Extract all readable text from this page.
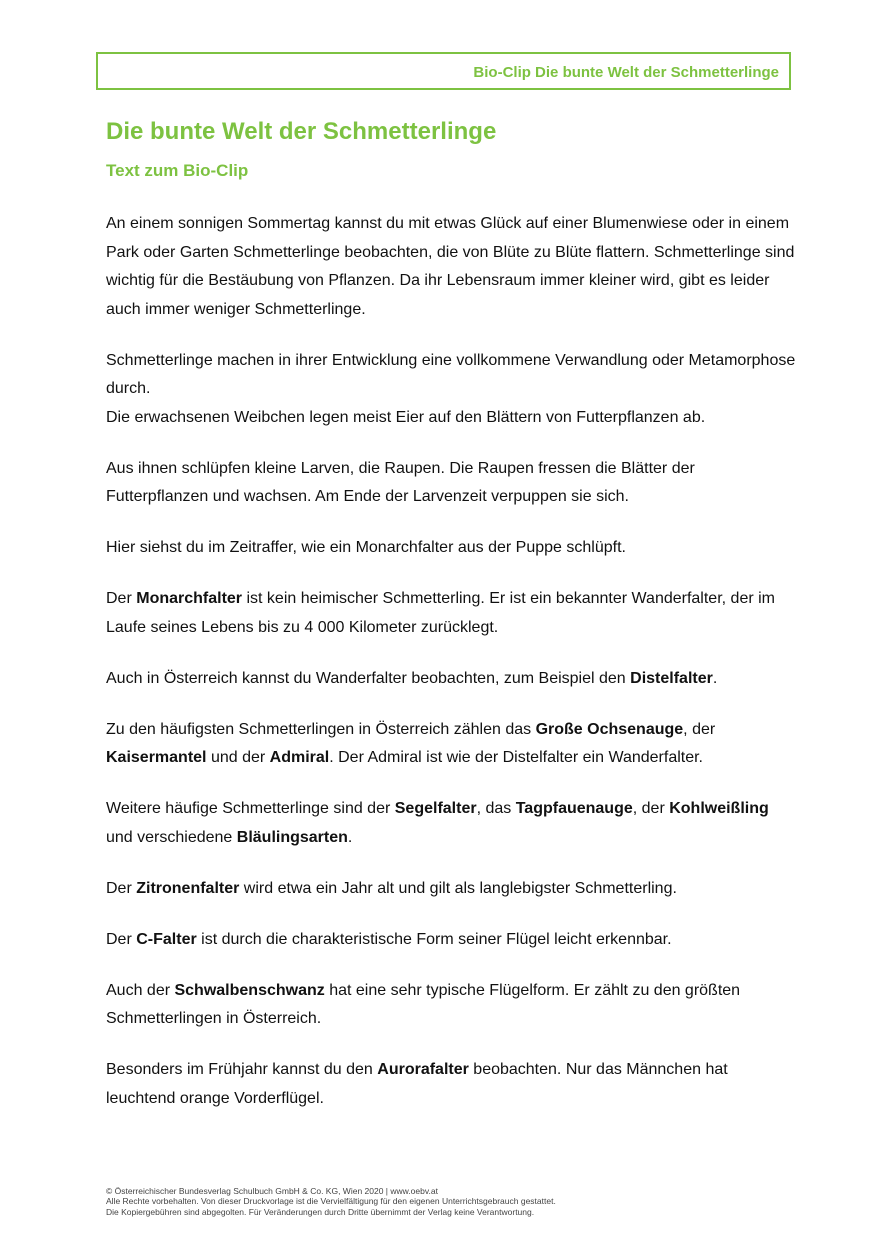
Bio-Clip Die bunte Welt der Schmetterlinge
Die bunte Welt der Schmetterlinge
Text zum Bio-Clip

An einem sonnigen Sommertag kannst du mit etwas Glück auf einer Blumenwiese oder in einem Park oder Garten Schmetterlinge beobachten, die von Blüte zu Blüte flattern. Schmetterlinge sind wichtig für die Bestäubung von Pflanzen. Da ihr Lebensraum immer kleiner wird, gibt es leider auch immer weniger Schmetterlinge.

Schmetterlinge machen in ihrer Entwicklung eine vollkommene Verwandlung oder Metamorphose durch.
Die erwachsenen Weibchen legen meist Eier auf den Blättern von Futterpflanzen ab.

Aus ihnen schlüpfen kleine Larven, die Raupen. Die Raupen fressen die Blätter der Futterpflanzen und wachsen. Am Ende der Larvenzeit verpuppen sie sich.

Hier siehst du im Zeitraffer, wie ein Monarchfalter aus der Puppe schlüpft.

Der Monarchfalter ist kein heimischer Schmetterling. Er ist ein bekannter Wanderfalter, der im Laufe seines Lebens bis zu 4 000 Kilometer zurücklegt.

Auch in Österreich kannst du Wanderfalter beobachten, zum Beispiel den Distelfalter.

Zu den häufigsten Schmetterlingen in Österreich zählen das Große Ochsenauge, der Kaisermantel und der Admiral. Der Admiral ist wie der Distelfalter ein Wanderfalter.

Weitere häufige Schmetterlinge sind der Segelfalter, das Tagpfauenauge, der Kohlweißling und verschiedene Bläulingsarten.

Der Zitronenfalter wird etwa ein Jahr alt und gilt als langlebigster Schmetterling.

Der C-Falter ist durch die charakteristische Form seiner Flügel leicht erkennbar.

Auch der Schwalbenschwanz hat eine sehr typische Flügelform. Er zählt zu den größten Schmetterlingen in Österreich.

Besonders im Frühjahr kannst du den Aurorafalter beobachten. Nur das Männchen hat leuchtend orange Vorderflügel.

© Österreichischer Bundesverlag Schulbuch GmbH & Co. KG, Wien 2020 | www.oebv.at
Alle Rechte vorbehalten. Von dieser Druckvorlage ist die Vervielfältigung für den eigenen Unterrichtsgebrauch gestattet.
Die Kopiergebühren sind abgegolten. Für Veränderungen durch Dritte übernimmt der Verlag keine Verantwortung.
